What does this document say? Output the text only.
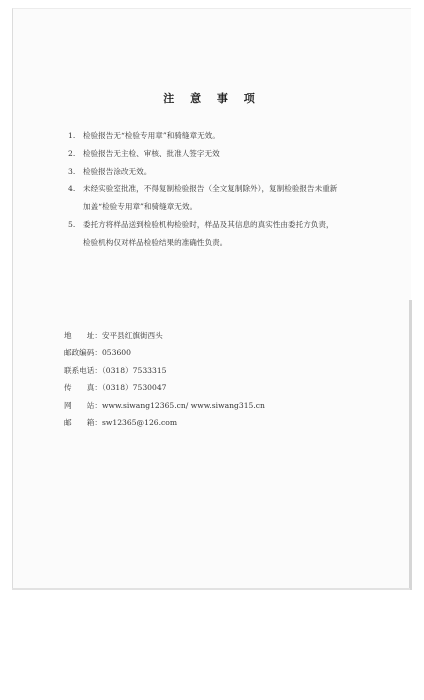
注 意 事 项
1. 检验报告无“检验专用章”和骑缝章无效。
2. 检验报告无主检、审核、批准人签字无效
3. 检验报告涂改无效。
4. 未经实验室批准，不得复制检验报告（全文复制除外），复制检验报告未重新
加盖“检验专用章”和骑缝章无效。
5. 委托方将样品送到检验机构检验时，样品及其信息的真实性由委托方负责，
检验机构仅对样品检验结果的准确性负责。
地　　址：安平县红旗街西头
邮政编码：053600
联系电话：（0318）7533315
传　　真：（0318）7530047
网　　站：www.siwang12365.cn/ www.siwang315.cn
邮　　箱：sw12365@126.com
